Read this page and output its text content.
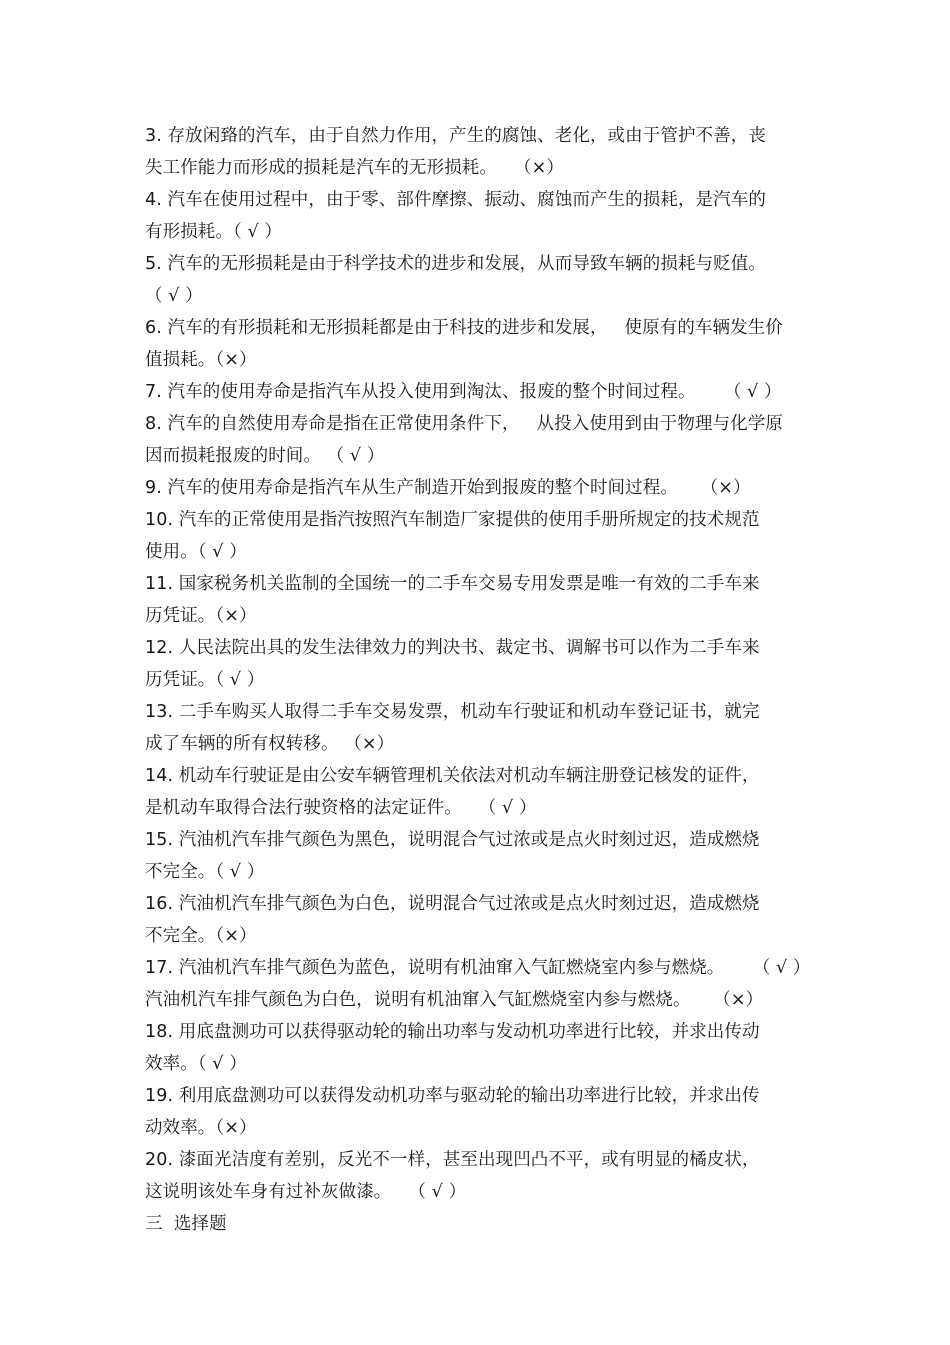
3. 存放闲臵的汽车，由于自然力作用，产生的腐蚀、老化，或由于管护不善，丧
失工作能力而形成的损耗是汽车的无形损耗。   （×）
4. 汽车在使用过程中，由于零、部件摩擦、振动、腐蚀而产生的损耗，是汽车的
有形损耗。（ √ ）
5. 汽车的无形损耗是由于科学技术的进步和发展，从而导致车辆的损耗与贬值。
（ √ ）
6. 汽车的有形损耗和无形损耗都是由于科技的进步和发展，   使原有的车辆发生价
值损耗。（×）
7. 汽车的使用寿命是指汽车从投入使用到淘汰、报废的整个时间过程。     （ √ ）
8. 汽车的自然使用寿命是指在正常使用条件下，   从投入使用到由于物理与化学原
因而损耗报废的时间。 （ √ ）
9. 汽车的使用寿命是指汽车从生产制造开始到报废的整个时间过程。    （×）
10. 汽车的正常使用是指汽按照汽车制造厂家提供的使用手册所规定的技术规范
使用。（ √ ）
11. 国家税务机关监制的全国统一的二手车交易专用发票是唯一有效的二手车来
历凭证。（×）
12. 人民法院出具的发生法律效力的判决书、裁定书、调解书可以作为二手车来
历凭证。（ √ ）
13. 二手车购买人取得二手车交易发票，机动车行驶证和机动车登记证书，就完
成了车辆的所有权转移。 （×）
14. 机动车行驶证是由公安车辆管理机关依法对机动车辆注册登记核发的证件，
是机动车取得合法行驶资格的法定证件。   （ √ ）
15. 汽油机汽车排气颜色为黑色，说明混合气过浓或是点火时刻过迟，造成燃烧
不完全。（ √ ）
16. 汽油机汽车排气颜色为白色，说明混合气过浓或是点火时刻过迟，造成燃烧
不完全。（×）
17. 汽油机汽车排气颜色为蓝色，说明有机油窜入气缸燃烧室内参与燃烧。     （ √ ）
汽油机汽车排气颜色为白色，说明有机油窜入气缸燃烧室内参与燃烧。    （×）
18. 用底盘测功可以获得驱动轮的输出功率与发动机功率进行比较，并求出传动
效率。（ √ ）
19. 利用底盘测功可以获得发动机功率与驱动轮的输出功率进行比较，并求出传
动效率。（×）
20. 漆面光洁度有差别，反光不一样，甚至出现凹凸不平，或有明显的橘皮状，
这说明该处车身有过补灰做漆。   （ √ ）
三  选择题
